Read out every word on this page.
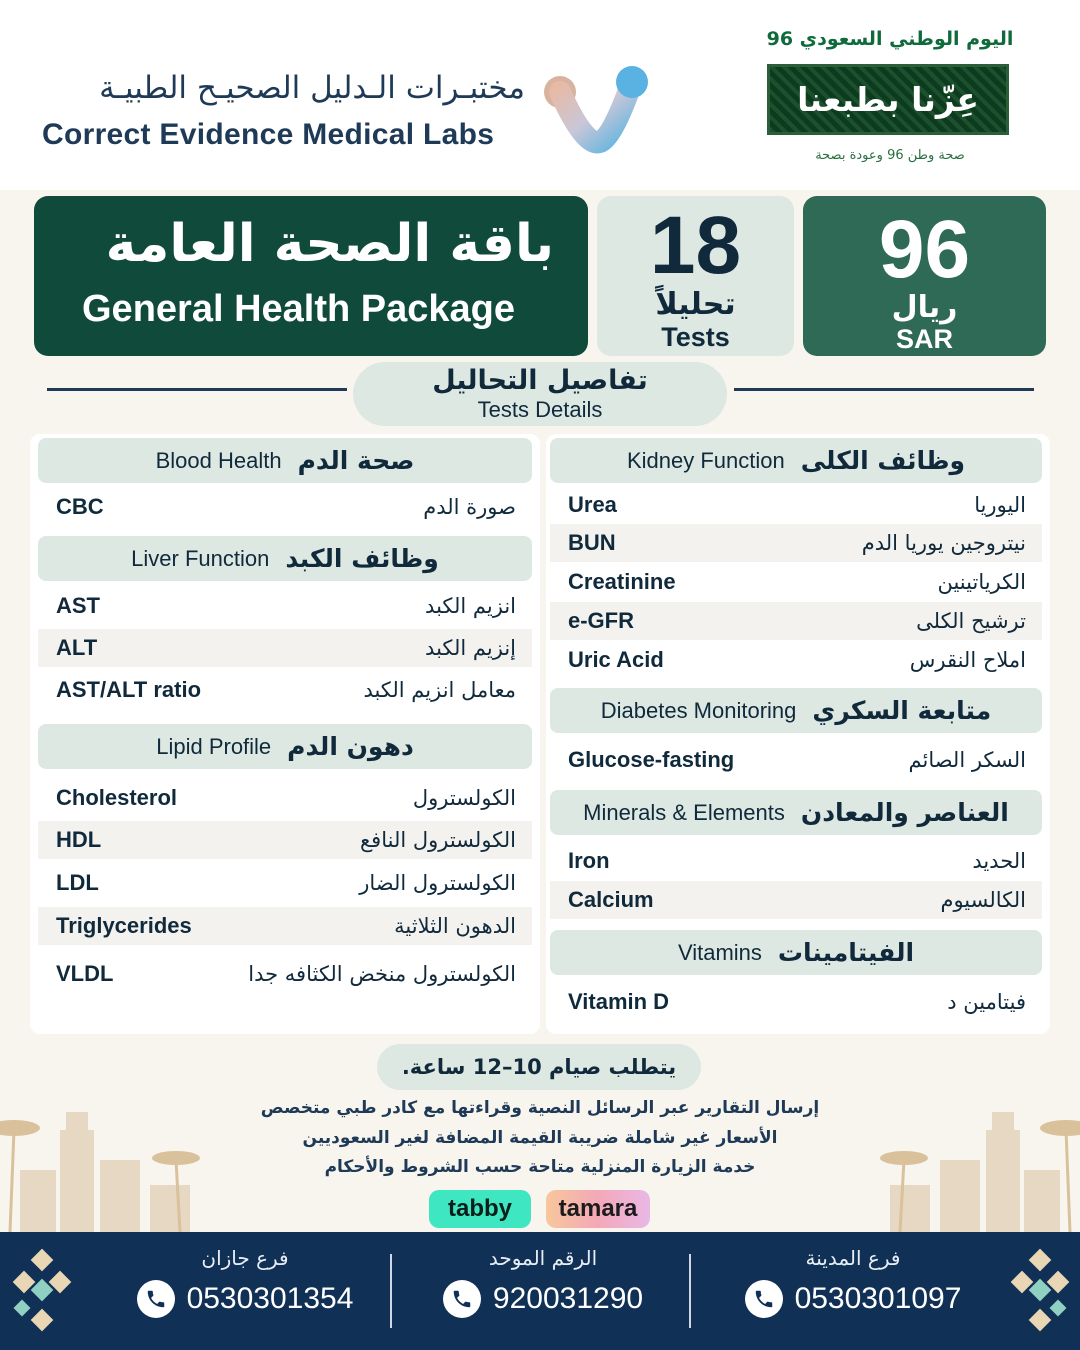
مختبـرات الـدليل الصحيـح الطبيـة
Correct Evidence Medical Labs
اليوم الوطني السعودي 96
عِزّنا بطبعنا
صحة وطن 96 وعودة بصحة
باقة الصحة العامة
General Health Package
18
تحليلاً
Tests
96
ريال
SAR
تفاصيل التحاليل
Tests Details
Blood Health صحة الدم
CBC	صورة الدم
Liver Function وظائف الكبد
AST	انزيم الكبد
ALT	إنزيم الكبد
AST/ALT ratio	معامل انزيم الكبد
Lipid Profile دهون الدم
Cholesterol	الكولسترول
HDL	الكولسترول النافع
LDL	الكولسترول الضار
Triglycerides	الدهون الثلاثية
VLDL	الكولسترول منخض الكثافه جدا
Kidney Function وظائف الكلى
Urea	اليوريا
BUN	نيتروجين يوريا الدم
Creatinine	الكرياتينين
e-GFR	ترشيح الكلى
Uric Acid	املاح النقرس
Diabetes Monitoring متابعة السكري
Glucose-fasting	السكر الصائم
Minerals & Elements العناصر والمعادن
Iron	الحديد
Calcium	الكالسيوم
Vitamins الفيتامينات
Vitamin D	فيتامين د
يتطلب صيام 10–12 ساعة.
إرسال التقارير عبر الرسائل النصية وقراءتها مع كادر طبي متخصص
الأسعار غير شاملة ضريبة القيمة المضافة لغير السعوديين
خدمة الزيارة المنزلية متاحة حسب الشروط والأحكام
tabby	tamara
فرع جازان
0530301354
الرقم الموحد
920031290
فرع المدينة
0530301097
